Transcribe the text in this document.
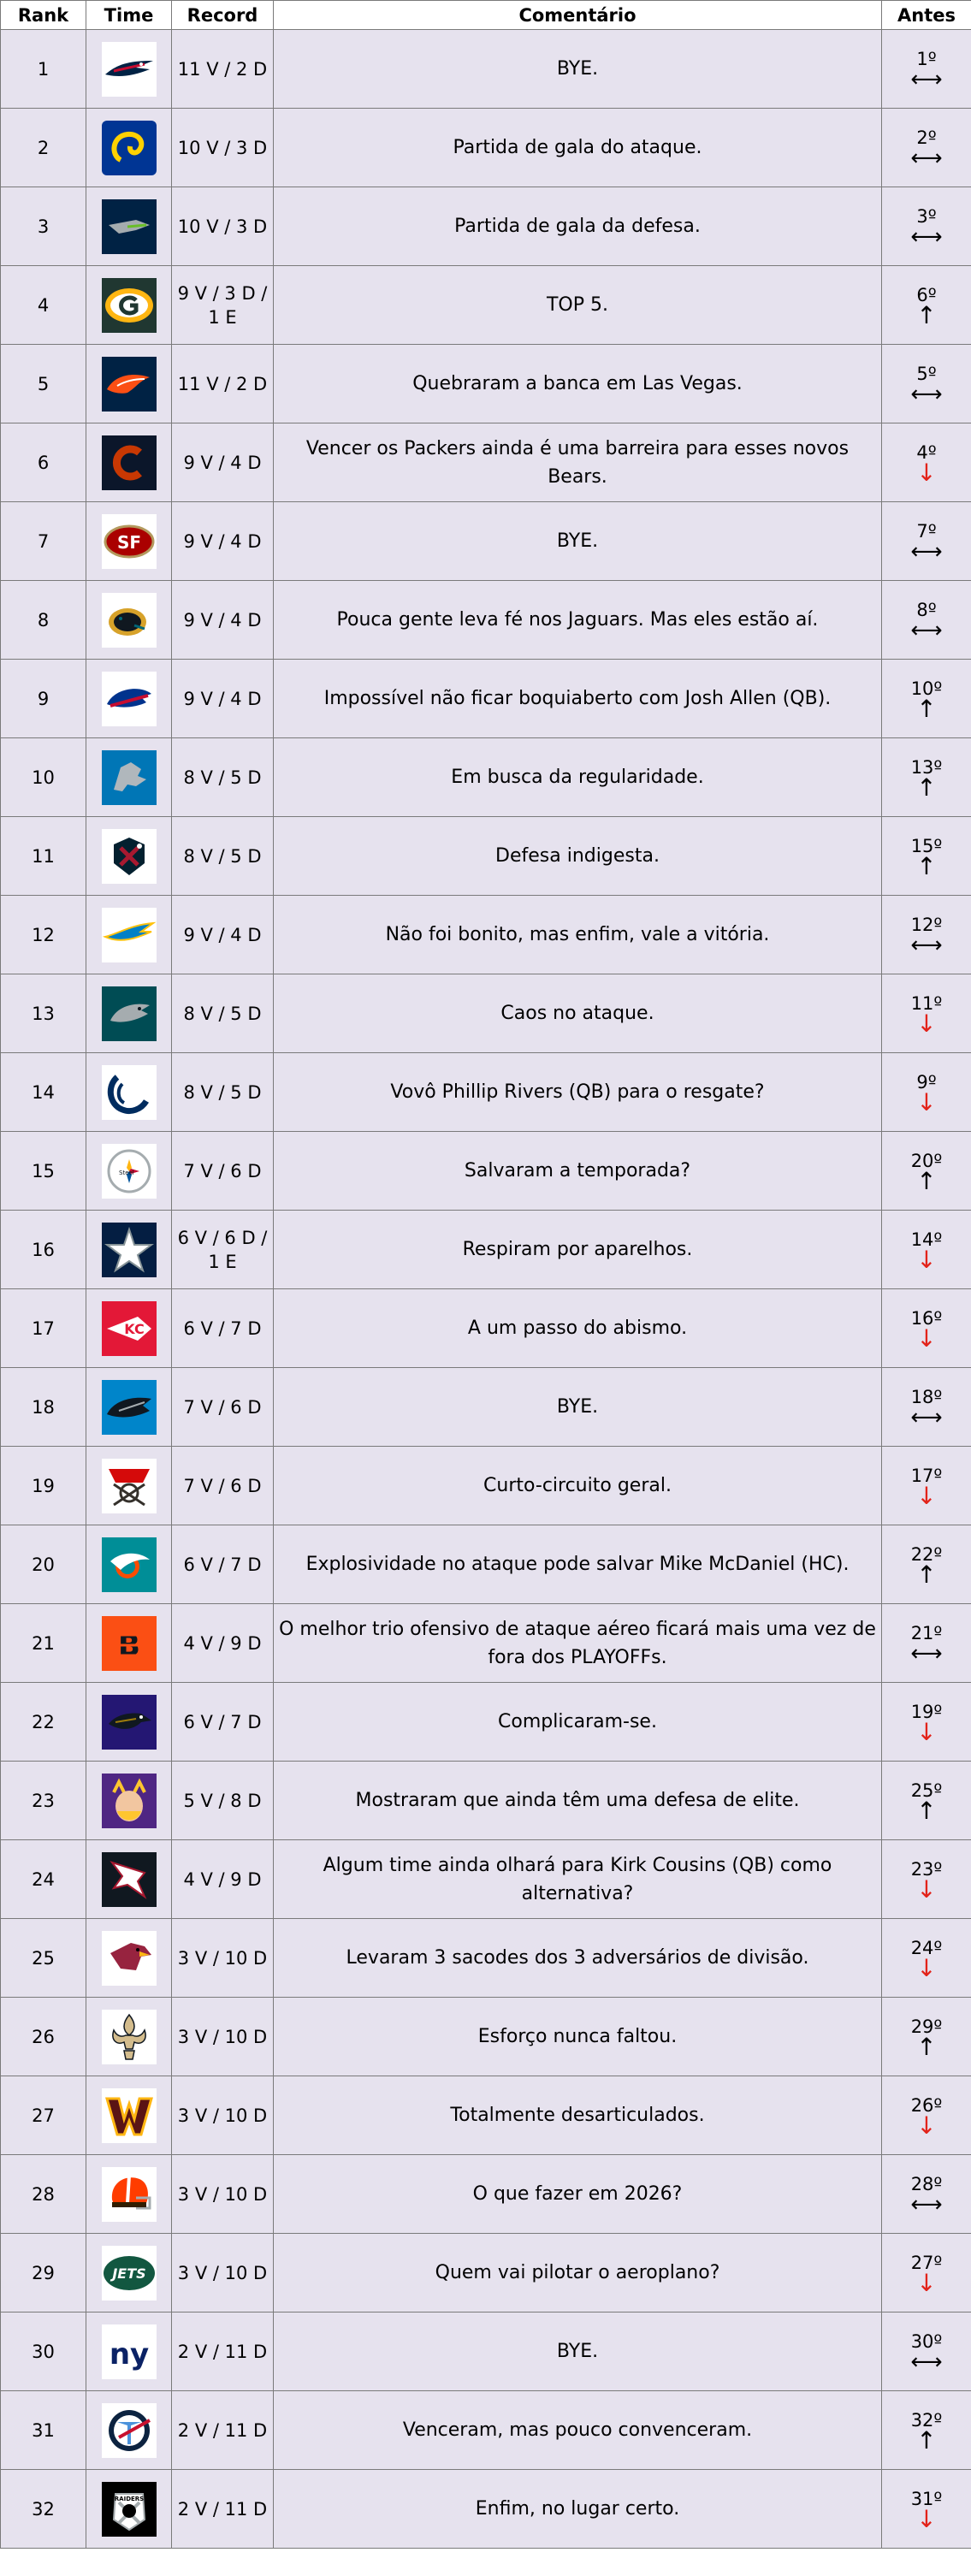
Rank	Time	Record	Comentário	Antes
1		11 V / 2 D	BYE.	1º
⟷

2		10 V / 3 D	Partida de gala do ataque.	2º
⟷

3		10 V / 3 D	Partida de gala da defesa.	3º
⟷

4		9 V / 3 D / 1 E	TOP 5.	6º
↑

5		11 V / 2 D	Quebraram a banca em Las Vegas.	5º
⟷

6		9 V / 4 D	Vencer os Packers ainda é uma barreira para esses novos Bears.	4º
↓

7	SF	9 V / 4 D	BYE.	7º
⟷

8		9 V / 4 D	Pouca gente leva fé nos Jaguars. Mas eles estão aí.	8º
⟷

9		9 V / 4 D	Impossível não ficar boquiaberto com Josh Allen (QB).	10º
↑

10		8 V / 5 D	Em busca da regularidade.	13º
↑

11		8 V / 5 D	Defesa indigesta.	15º
↑

12		9 V / 4 D	Não foi bonito, mas enfim, vale a vitória.	12º
⟷

13		8 V / 5 D	Caos no ataque.	11º
↓

14		8 V / 5 D	Vovô Phillip Rivers (QB) para o resgate?	9º
↓

15	Steel	7 V / 6 D	Salvaram a temporada?	20º
↑

16		6 V / 6 D / 1 E	Respiram por aparelhos.	14º
↓

17	KC	6 V / 7 D	A um passo do abismo.	16º
↓

18		7 V / 6 D	BYE.	18º
⟷

19		7 V / 6 D	Curto-circuito geral.	17º
↓

20		6 V / 7 D	Explosividade no ataque pode salvar Mike McDaniel (HC).	22º
↑

21		4 V / 9 D	O melhor trio ofensivo de ataque aéreo ficará mais uma vez de fora dos PLAYOFFs.	21º
⟷

22		6 V / 7 D	Complicaram-se.	19º
↓

23		5 V / 8 D	Mostraram que ainda têm uma defesa de elite.	25º
↑

24		4 V / 9 D	Algum time ainda olhará para Kirk Cousins (QB) como alternativa?	23º
↓

25		3 V / 10 D	Levaram 3 sacodes dos 3 adversários de divisão.	24º
↓

26		3 V / 10 D	Esforço nunca faltou.	29º
↑

27		3 V / 10 D	Totalmente desarticulados.	26º
↓

28		3 V / 10 D	O que fazer em 2026?	28º
⟷

29	JETS	3 V / 10 D	Quem vai pilotar o aeroplano?	27º
↓

30	ny	2 V / 11 D	BYE.	30º
⟷

31		2 V / 11 D	Venceram, mas pouco convenceram.	32º
↑

32	RAIDERS	2 V / 11 D	Enfim, no lugar certo.	31º
↓
